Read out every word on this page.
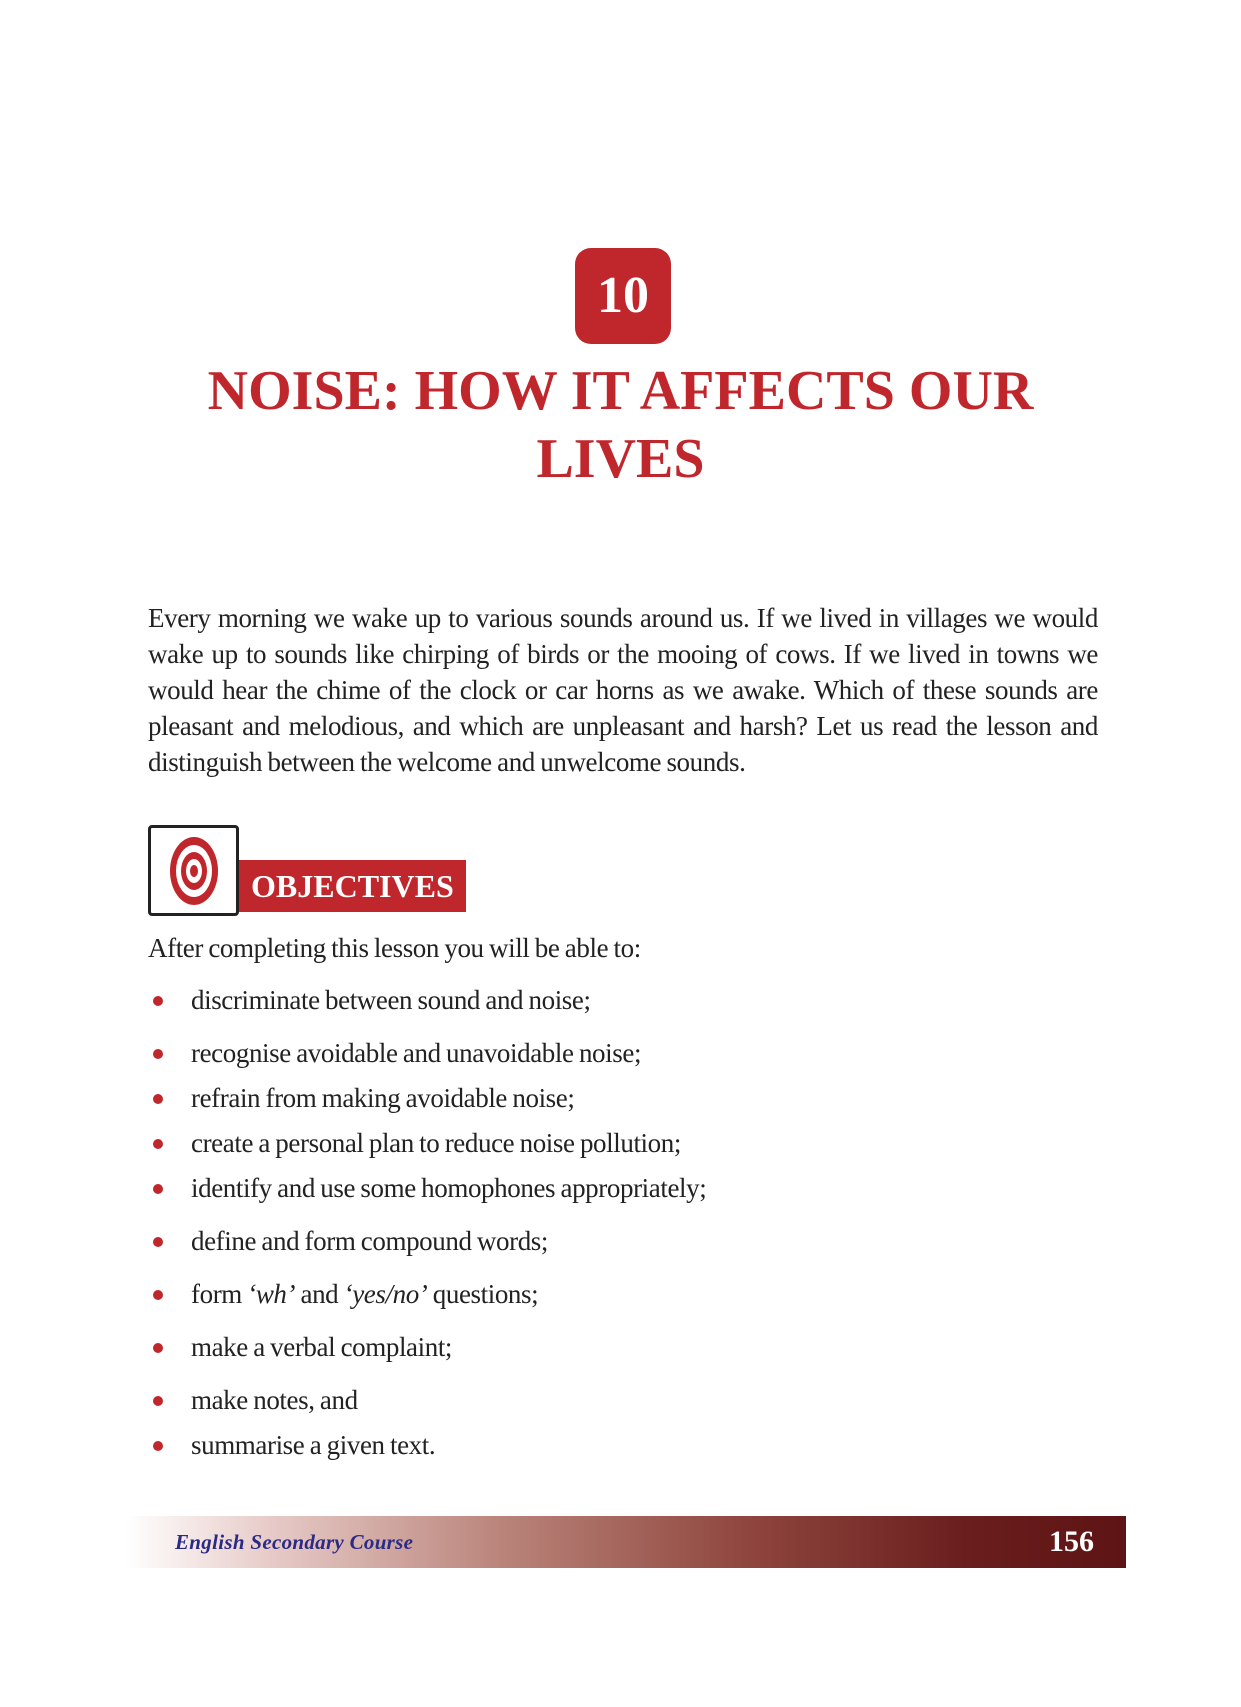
10
NOISE: HOW IT AFFECTS OUR
LIVES

Every morning we wake up to various sounds around us. If we lived in villages we would wake up to sounds like chirping of birds or the mooing of cows. If we lived in towns we would hear the chime of the clock or car horns as we awake. Which of these sounds are pleasant and melodious, and which are unpleasant and harsh? Let us read the lesson and distinguish between the welcome and unwelcome sounds.

OBJECTIVES

After completing this lesson you will be able to:

discriminate between sound and noise;
recognise avoidable and unavoidable noise;
refrain from making avoidable noise;
create a personal plan to reduce noise pollution;
identify and use some homophones appropriately;
define and form compound words;
form ‘wh’ and ‘yes/no’ questions;
make a verbal complaint;
make notes, and
summarise a given text.
English Secondary Course	156
